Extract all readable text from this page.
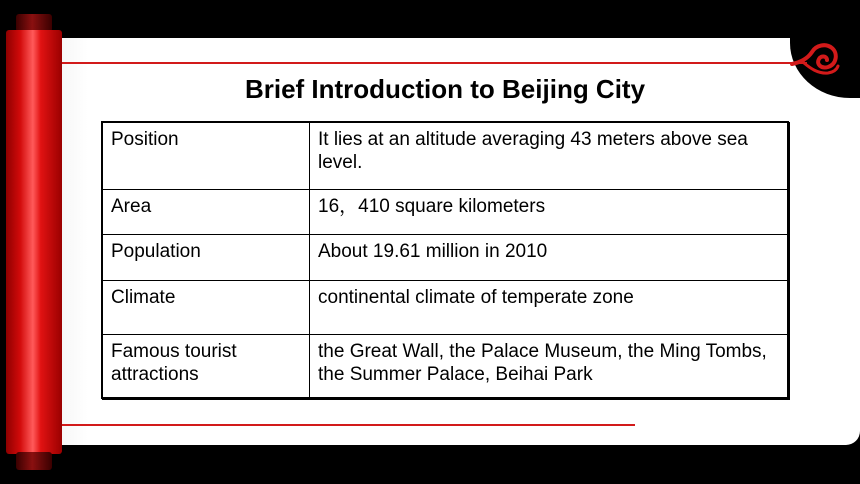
Brief Introduction to Beijing City
Position	It lies at an altitude averaging 43 meters above sea level.
Area	16，410 square kilometers
Population	About 19.61 million in 2010
Climate	continental climate of temperate zone
Famous tourist attractions	the Great Wall, the Palace Museum, the Ming Tombs, the Summer Palace, Beihai Park
